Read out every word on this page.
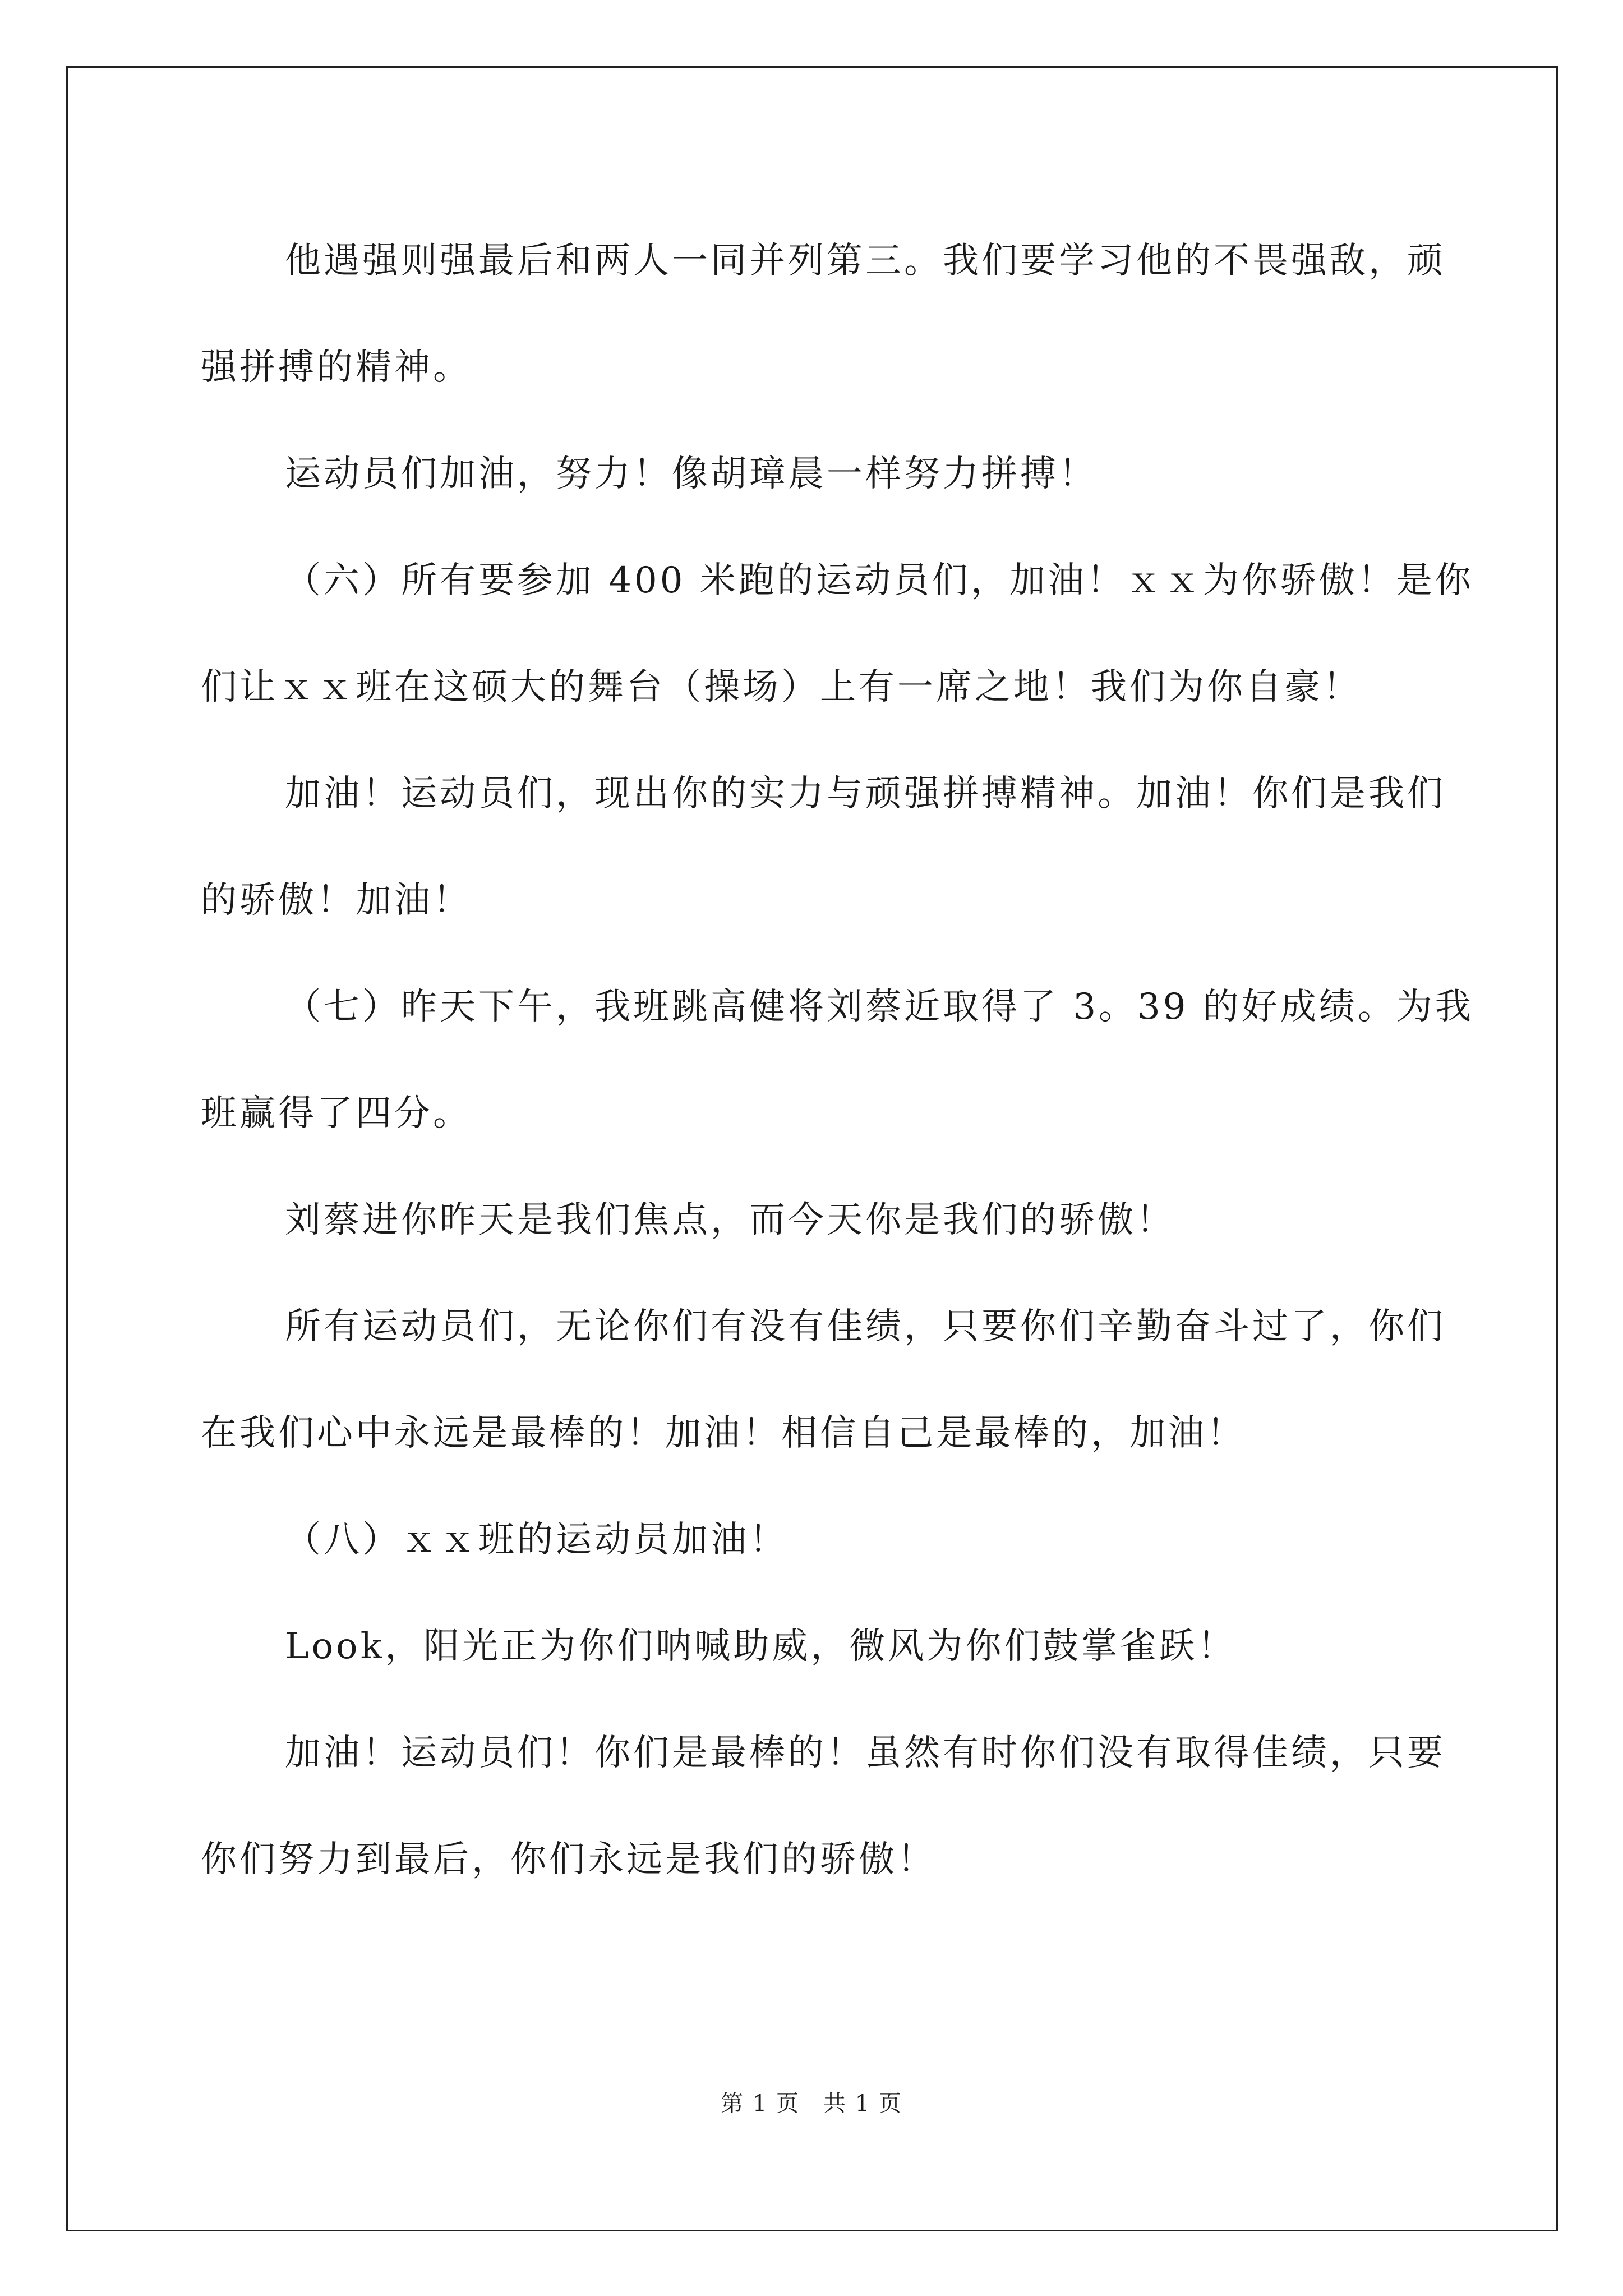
他遇强则强最后和两人一同并列第三。我们要学习他的不畏强敌，顽强拼搏的精神。

运动员们加油，努力！像胡璋晨一样努力拼搏！

（六）所有要参加 400 米跑的运动员们，加油！ｘｘ为你骄傲！是你们让ｘｘ班在这硕大的舞台（操场）上有一席之地！我们为你自豪！

加油！运动员们，现出你的实力与顽强拼搏精神。加油！你们是我们的骄傲！加油！

（七）昨天下午，我班跳高健将刘蔡近取得了 3。39 的好成绩。为我班赢得了四分。

刘蔡进你昨天是我们焦点，而今天你是我们的骄傲！

所有运动员们，无论你们有没有佳绩，只要你们辛勤奋斗过了，你们在我们心中永远是最棒的！加油！相信自己是最棒的，加油！

（八）ｘｘ班的运动员加油！

Look，阳光正为你们呐喊助威，微风为你们鼓掌雀跃！

加油！运动员们！你们是最棒的！虽然有时你们没有取得佳绩，只要你们努力到最后，你们永远是我们的骄傲！

第 1 页　共 1 页
